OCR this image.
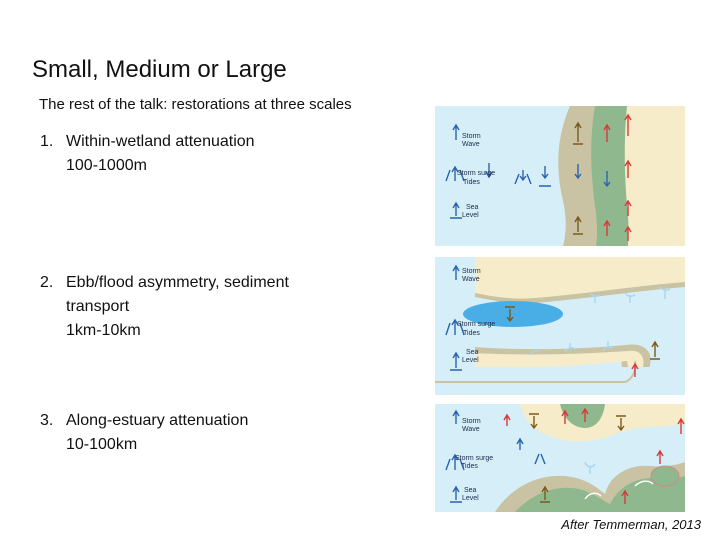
Small, Medium or Large
The rest of the talk: restorations at three scales
1. Within-wetland attenuation
100-1000m
2. Ebb/flood asymmetry, sediment
transport
1km-10km
3. Along-estuary attenuation
10-100km
Storm
Wave
Storm surge
Tides
Sea
Level
Storm
Wave
Storm surge
Tides
Sea
Level
Storm
Wave
Storm surge
Tides
Sea
Level
After Temmerman, 2013
